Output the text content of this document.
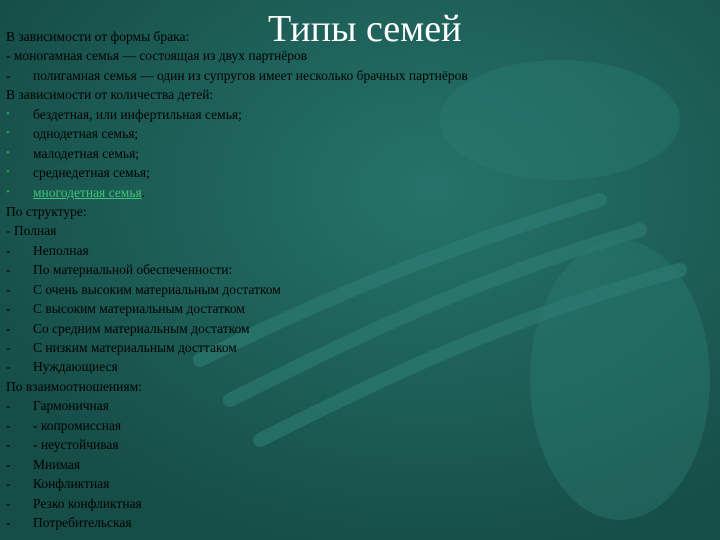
Типы семей
В зависимости от формы брака:
- моногамная семья — состоящая из двух партнёров
- полигамная семья — один из супругов имеет несколько брачных партнёров
В зависимости от количества детей:
• бездетная, или инфертильная семья;
• однодетная семья;
• малодетная семья;
• среднедетная семья;
• многодетная семья.
По структуре:
- Полная
- Неполная
- По материальной обеспеченности:
- С очень высоким материальным достатком
- С высоким материальным достатком
- Со средним материальным достатком
- С низким материальным досттаком
- Нуждающиеся
По взаимоотношениям:
- Гармоничная
- - копромиссная
- - неустойчивая
- Мнимая
- Конфликтная
- Резко конфликтная
- Потребительская
